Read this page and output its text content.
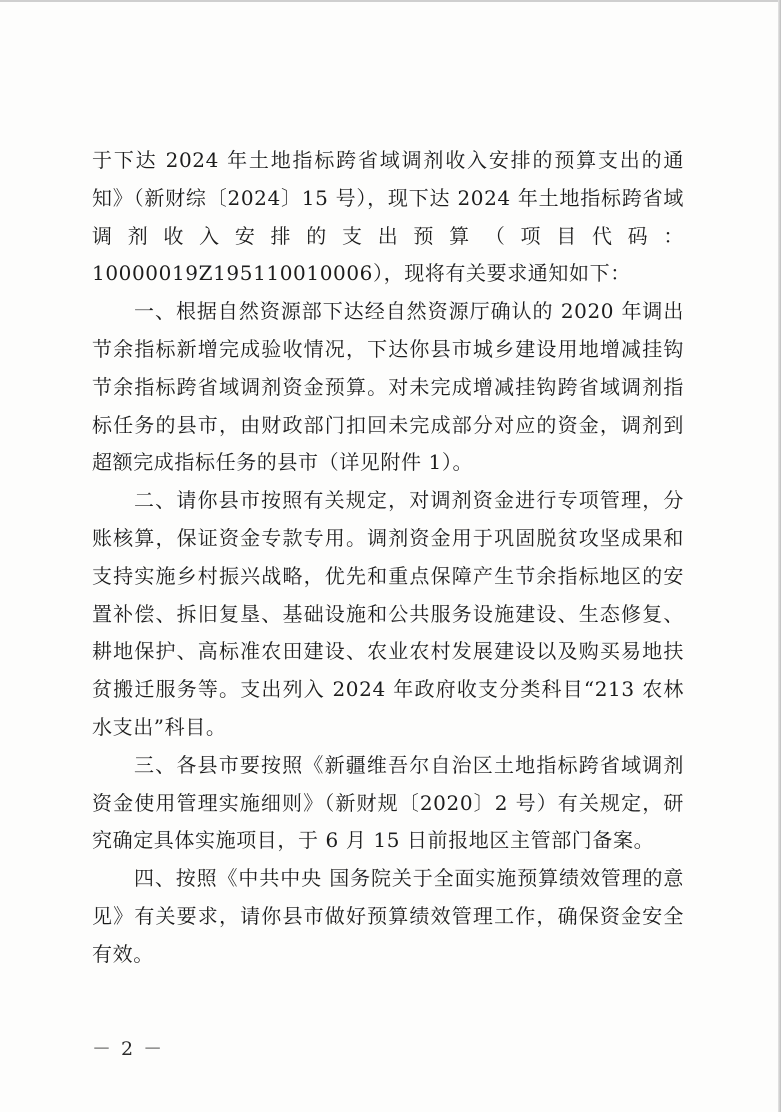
于下达 2024 年土地指标跨省域调剂收入安排的预算支出的通知》（新财综〔2024〕15 号），现下达 2024 年土地指标跨省域调剂收入安排的支出预算（项目代码：10000019Z195110010006），现将有关要求通知如下：

一、根据自然资源部下达经自然资源厅确认的 2020 年调出节余指标新增完成验收情况，下达你县市城乡建设用地增减挂钩节余指标跨省域调剂资金预算。对未完成增减挂钩跨省域调剂指标任务的县市，由财政部门扣回未完成部分对应的资金，调剂到超额完成指标任务的县市（详见附件 1）。

二、请你县市按照有关规定，对调剂资金进行专项管理，分账核算，保证资金专款专用。调剂资金用于巩固脱贫攻坚成果和支持实施乡村振兴战略，优先和重点保障产生节余指标地区的安置补偿、拆旧复垦、基础设施和公共服务设施建设、生态修复、耕地保护、高标准农田建设、农业农村发展建设以及购买易地扶贫搬迁服务等。支出列入 2024 年政府收支分类科目“213 农林水支出”科目。

三、各县市要按照《新疆维吾尔自治区土地指标跨省域调剂资金使用管理实施细则》（新财规〔2020〕2 号）有关规定，研究确定具体实施项目，于 6 月 15 日前报地区主管部门备案。

四、按照《中共中央 国务院关于全面实施预算绩效管理的意见》有关要求，请你县市做好预算绩效管理工作，确保资金安全有效。

－ 2 －
